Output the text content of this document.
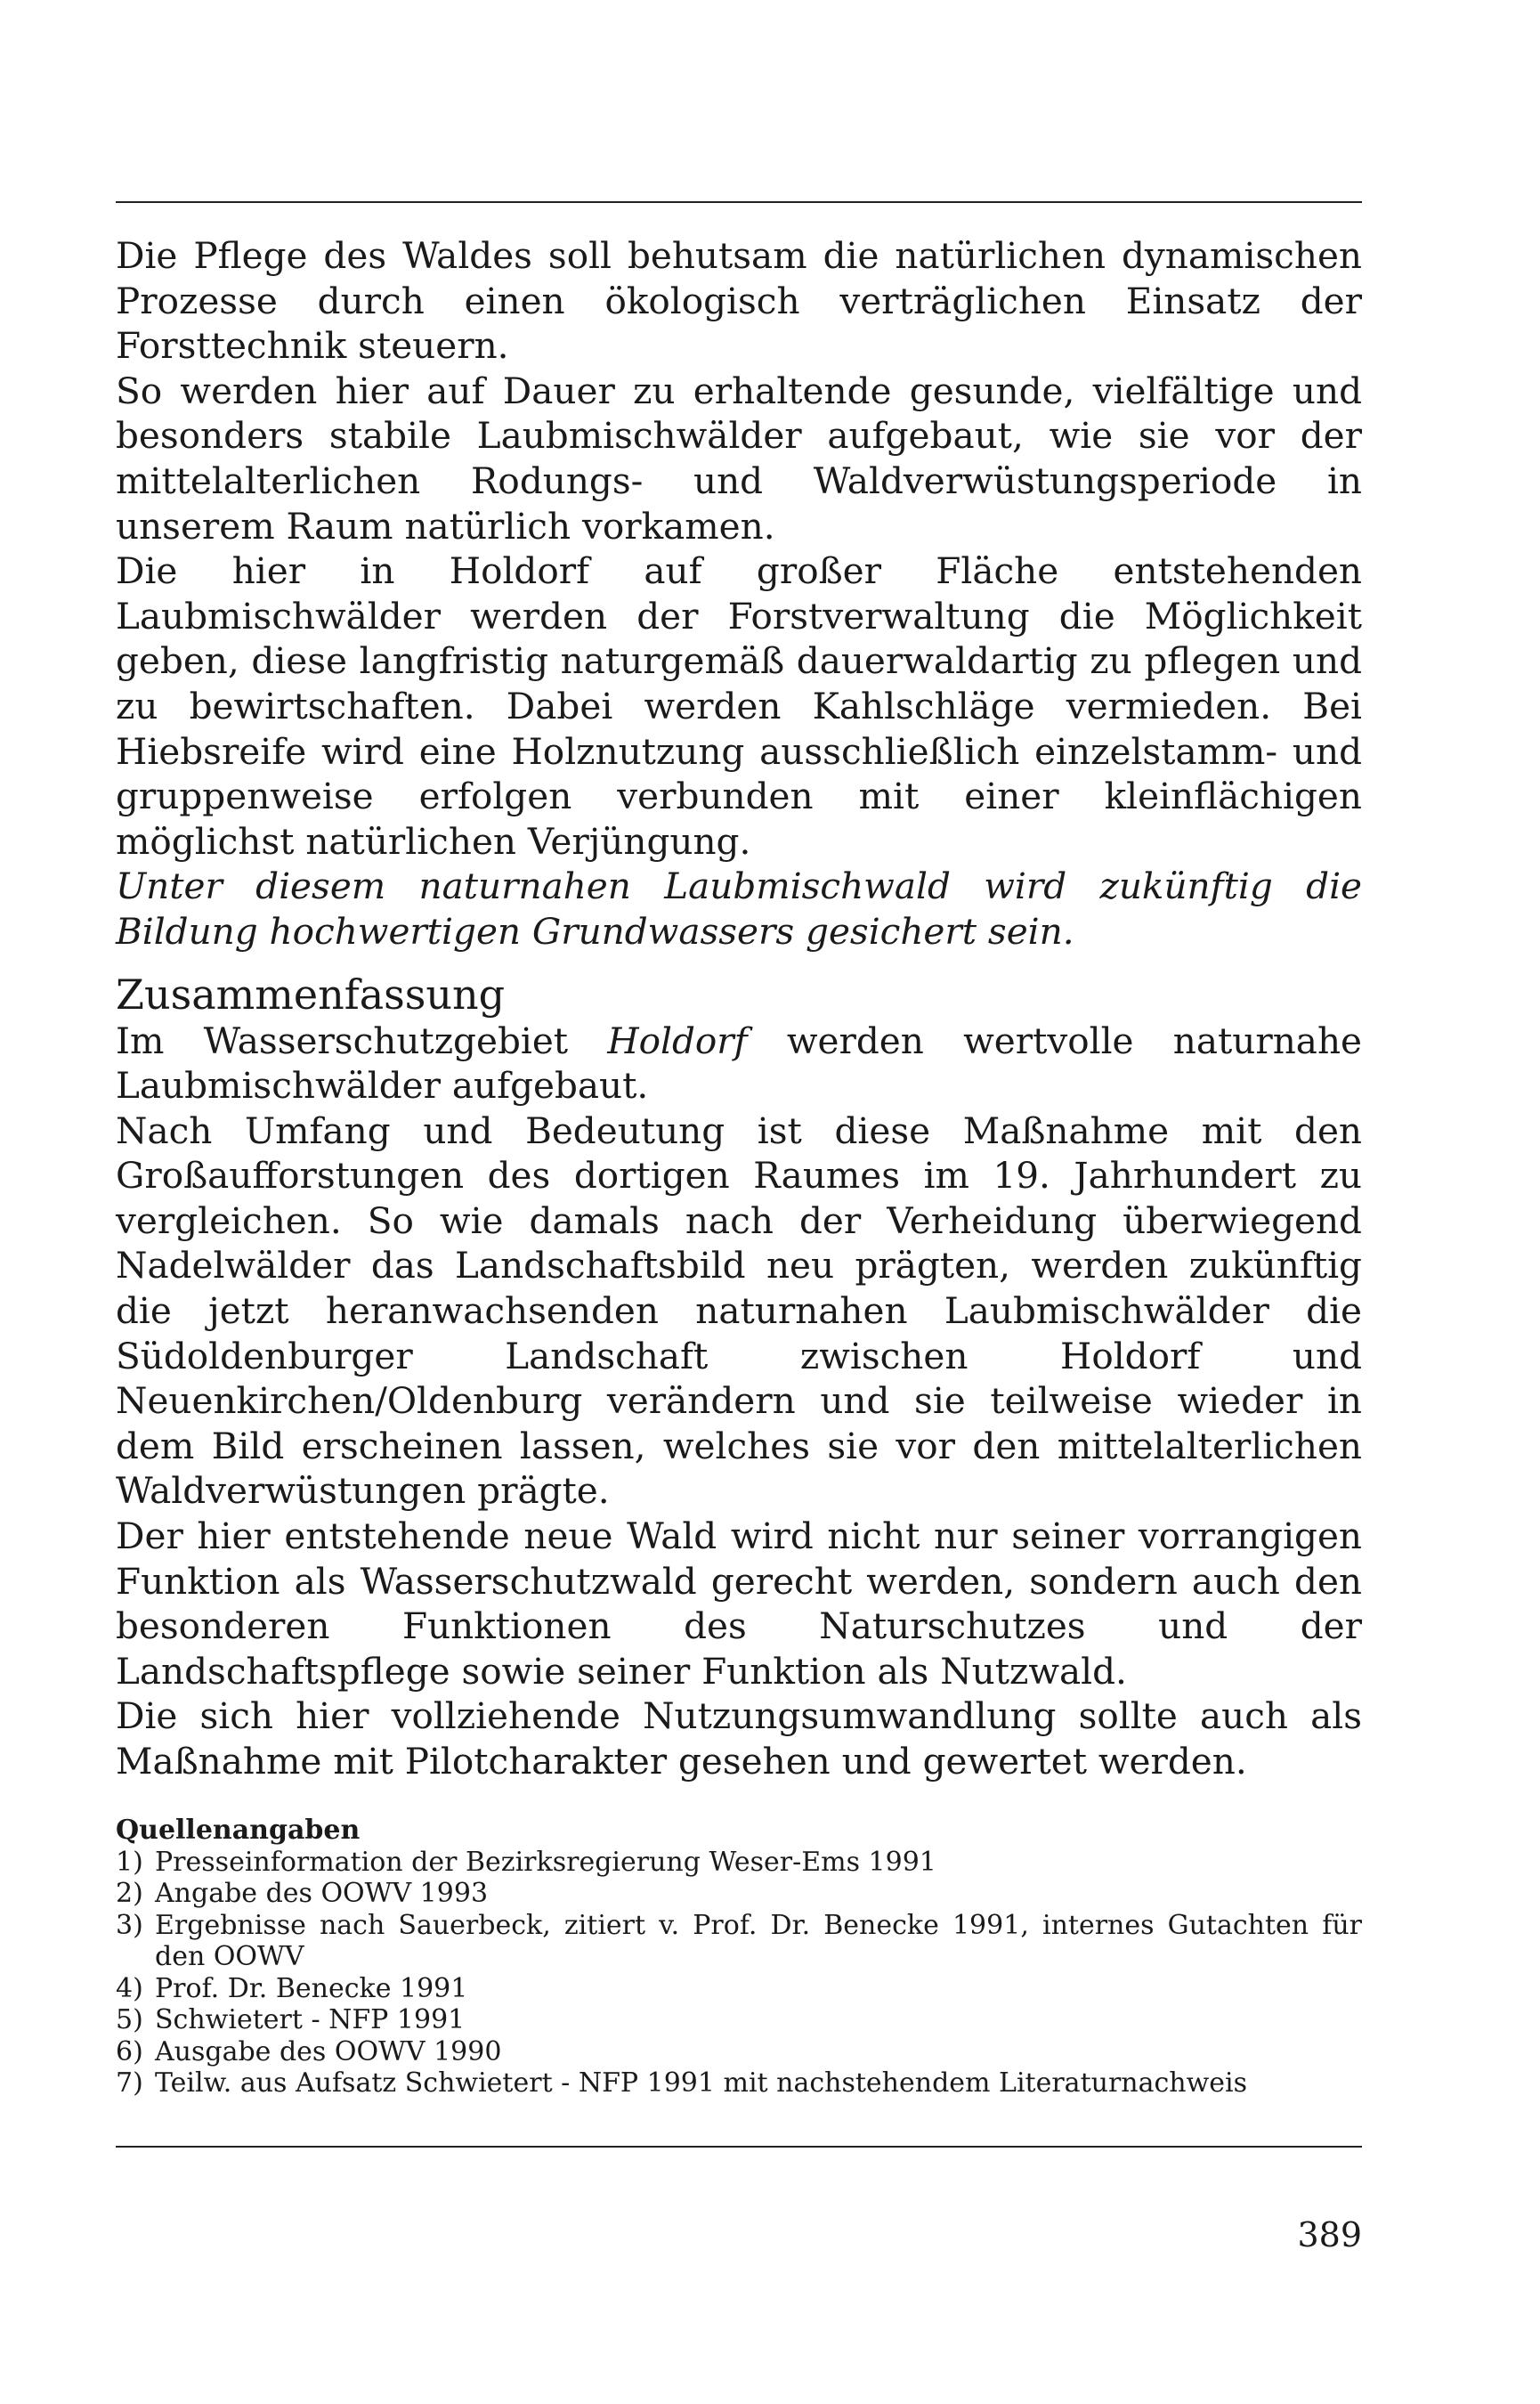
Die Pflege des Waldes soll behutsam die natürlichen dynamischen Prozesse durch einen ökologisch verträglichen Einsatz der Forsttechnik steuern.

So werden hier auf Dauer zu erhaltende gesunde, vielfältige und besonders stabile Laubmischwälder aufgebaut, wie sie vor der mittelalterlichen Rodungs- und Waldverwüstungsperiode in unserem Raum natürlich vorkamen.

Die hier in Holdorf auf großer Fläche entstehenden Laubmischwälder werden der Forstverwaltung die Möglichkeit geben, diese langfristig naturgemäß dauerwaldartig zu pflegen und zu bewirtschaften. Dabei werden Kahlschläge vermieden. Bei Hiebsreife wird eine Holznutzung ausschließlich einzelstamm- und gruppenweise erfolgen verbunden mit einer kleinflächigen möglichst natürlichen Verjüngung.

Unter diesem naturnahen Laubmischwald wird zukünftig die Bildung hochwertigen Grundwassers gesichert sein.

Zusammenfassung

Im Wasserschutzgebiet Holdorf werden wertvolle naturnahe Laubmischwälder aufgebaut.

Nach Umfang und Bedeutung ist diese Maßnahme mit den Großaufforstungen des dortigen Raumes im 19. Jahrhundert zu vergleichen. So wie damals nach der Verheidung überwiegend Nadelwälder das Landschaftsbild neu prägten, werden zukünftig die jetzt heranwachsenden naturnahen Laubmischwälder die Südoldenburger Landschaft zwischen Holdorf und Neuenkirchen/Oldenburg verändern und sie teilweise wieder in dem Bild erscheinen lassen, welches sie vor den mittelalterlichen Waldverwüstungen prägte.

Der hier entstehende neue Wald wird nicht nur seiner vorrangigen Funktion als Wasserschutzwald gerecht werden, sondern auch den besonderen Funktionen des Naturschutzes und der Landschaftspflege sowie seiner Funktion als Nutzwald.

Die sich hier vollziehende Nutzungsumwandlung sollte auch als Maßnahme mit Pilotcharakter gesehen und gewertet werden.

Quellenangaben
1) Presseinformation der Bezirksregierung Weser-Ems 1991
2) Angabe des OOWV 1993
3) Ergebnisse nach Sauerbeck, zitiert v. Prof. Dr. Benecke 1991, internes Gutachten für den OOWV
4) Prof. Dr. Benecke 1991
5) Schwietert - NFP 1991
6) Ausgabe des OOWV 1990
7) Teilw. aus Aufsatz Schwietert - NFP 1991 mit nachstehendem Literaturnachweis
389
